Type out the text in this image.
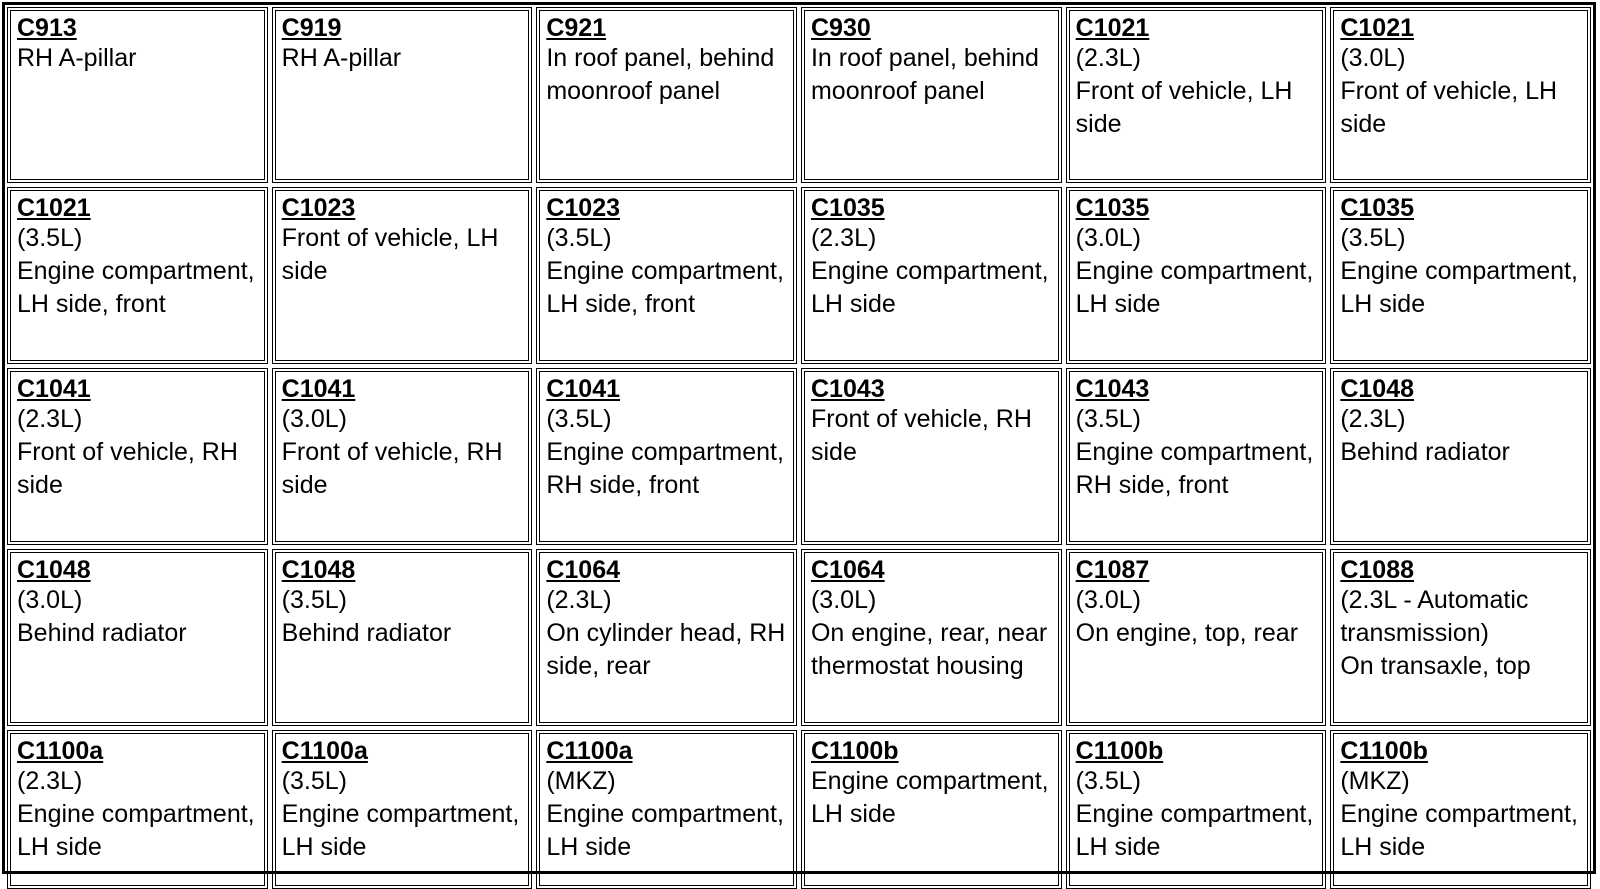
C913
RH A-pillar
C919
RH A-pillar
C921
In roof panel, behind moonroof panel
C930
In roof panel, behind moonroof panel
C1021
(2.3L)
Front of vehicle, LH side
C1021
(3.0L)
Front of vehicle, LH side
C1021
(3.5L)
Engine compartment, LH side, front
C1023
Front of vehicle, LH side
C1023
(3.5L)
Engine compartment, LH side, front
C1035
(2.3L)
Engine compartment, LH side
C1035
(3.0L)
Engine compartment, LH side
C1035
(3.5L)
Engine compartment, LH side
C1041
(2.3L)
Front of vehicle, RH side
C1041
(3.0L)
Front of vehicle, RH side
C1041
(3.5L)
Engine compartment, RH side, front
C1043
Front of vehicle, RH side
C1043
(3.5L)
Engine compartment, RH side, front
C1048
(2.3L)
Behind radiator
C1048
(3.0L)
Behind radiator
C1048
(3.5L)
Behind radiator
C1064
(2.3L)
On cylinder head, RH side, rear
C1064
(3.0L)
On engine, rear, near thermostat housing
C1087
(3.0L)
On engine, top, rear
C1088
(2.3L - Automatic transmission)
On transaxle, top
C1100a
(2.3L)
Engine compartment, LH side
C1100a
(3.5L)
Engine compartment, LH side
C1100a
(MKZ)
Engine compartment, LH side
C1100b
Engine compartment, LH side
C1100b
(3.5L)
Engine compartment, LH side
C1100b
(MKZ)
Engine compartment, LH side
